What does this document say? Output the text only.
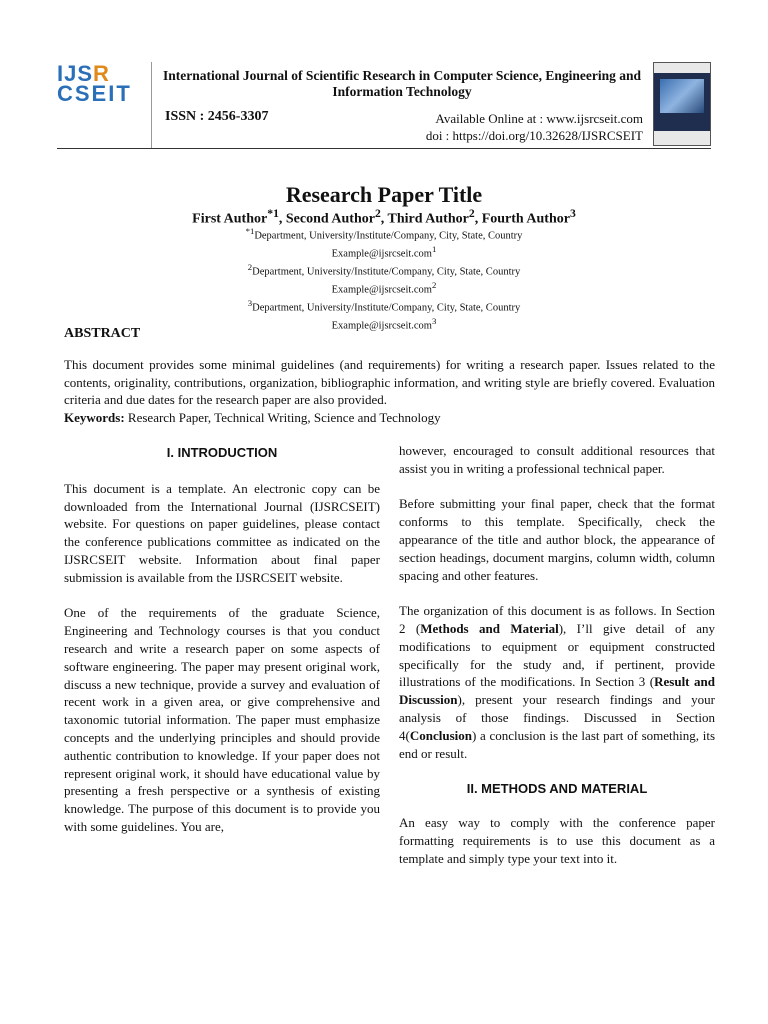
IJSR
CSEIT
International Journal of Scientific Research in Computer Science, Engineering and Information Technology
ISSN : 2456-3307	Available Online at : www.ijsrcseit.com
doi : https://doi.org/10.32628/IJSRCSEIT
Research Paper Title
First Author$^{*1}$, Second Author$^2$, Third Author$^2$, Fourth Author$^3$
$^{*1}$Department, University/Institute/Company, City, State, Country
Example@ijsrcseit.com$^1$
$^2$Department, University/Institute/Company, City, State, Country
Example@ijsrcseit.com$^2$
$^3$Department, University/Institute/Company, City, State, Country
Example@ijsrcseit.com$^3$
ABSTRACT
This document provides some minimal guidelines (and requirements) for writing a research paper. Issues related to the contents, originality, contributions, organization, bibliographic information, and writing style are briefly covered. Evaluation criteria and due dates for the research paper are also provided.
Keywords: Research Paper, Technical Writing, Science and Technology
I. INTRODUCTION

This document is a template. An electronic copy can be downloaded from the International Journal (IJSRCSEIT) website. For questions on paper guidelines, please contact the conference publications committee as indicated on the IJSRCSEIT website. Information about final paper submission is available from the IJSRCSEIT website.

One of the requirements of the graduate Science, Engineering and Technology courses is that you conduct research and write a research paper on some aspects of software engineering. The paper may present original work, discuss a new technique, provide a survey and evaluation of recent work in a given area, or give comprehensive and taxonomic tutorial information. The paper must emphasize concepts and the underlying principles and should provide authentic contribution to knowledge. If your paper does not represent original work, it should have educational value by presenting a fresh perspective or a synthesis of existing knowledge. The purpose of this document is to provide you with some guidelines. You are,

however, encouraged to consult additional resources that assist you in writing a professional technical paper.

Before submitting your final paper, check that the format conforms to this template. Specifically, check the appearance of the title and author block, the appearance of section headings, document margins, column width, column spacing and other features.

The organization of this document is as follows. In Section 2 (Methods and Material), I’ll give detail of any modifications to equipment or equipment constructed specifically for the study and, if pertinent, provide illustrations of the modifications. In Section 3 (Result and Discussion), present your research findings and your analysis of those findings. Discussed in Section 4(Conclusion) a conclusion is the last part of something, its end or result.

II. METHODS AND MATERIAL

An easy way to comply with the conference paper formatting requirements is to use this document as a template and simply type your text into it.
